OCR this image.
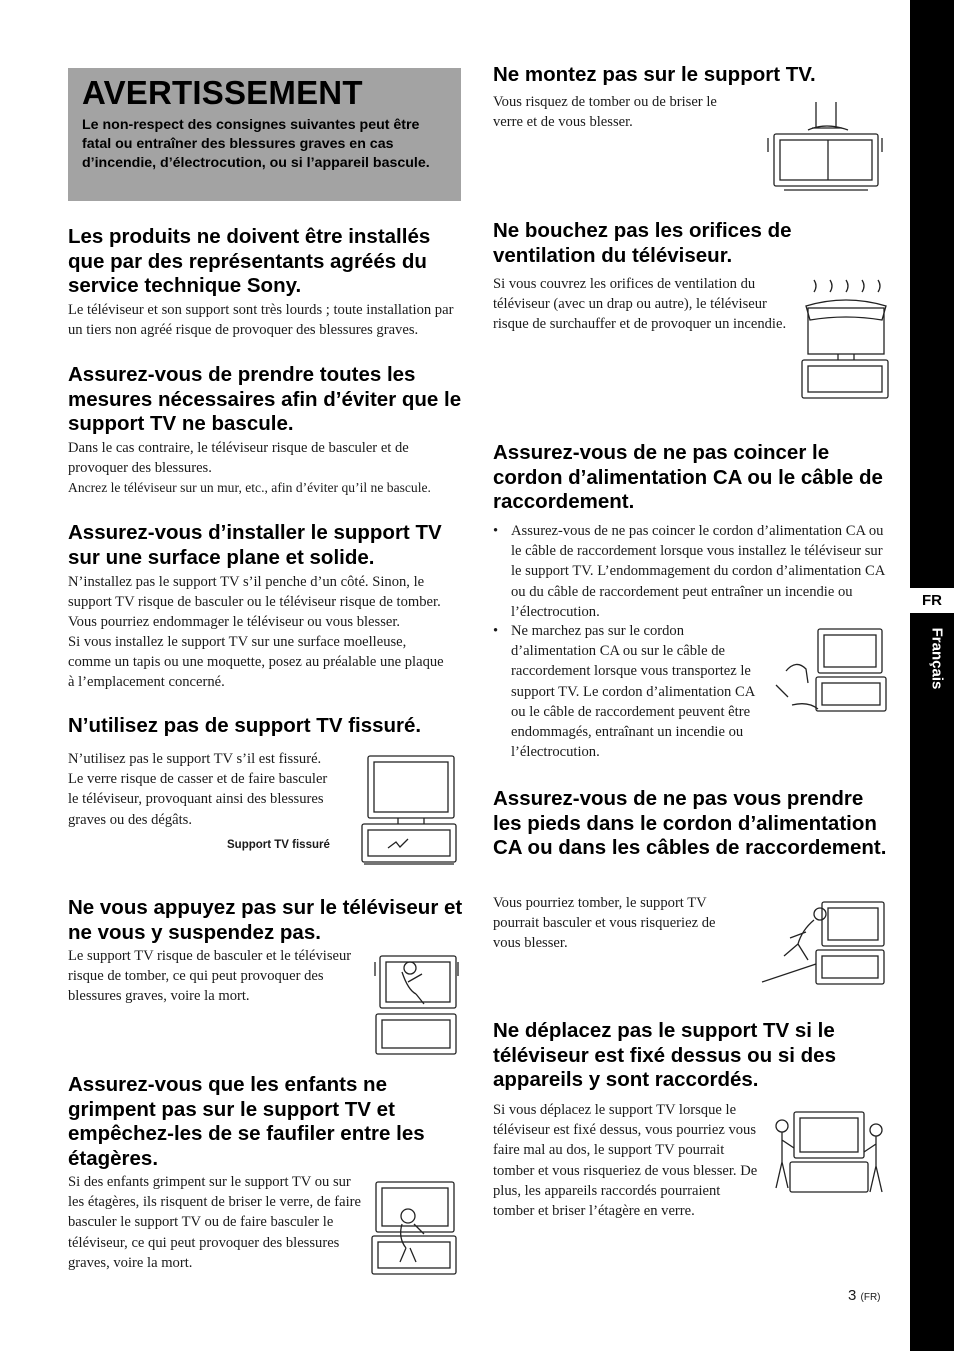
AVERTISSEMENT
Le non-respect des consignes suivantes peut être fatal ou entraîner des blessures graves en cas d’incendie, d’électrocution, ou si l’appareil bascule.
Les produits ne doivent être installés que par des représentants agréés du service technique Sony.
Le téléviseur et son support sont très lourds ; toute installation par un tiers non agréé risque de provoquer des blessures graves.
Assurez-vous de prendre toutes les mesures nécessaires afin d’éviter que le support TV ne bascule.
Dans le cas contraire, le téléviseur risque de basculer et de provoquer des blessures.
Ancrez le téléviseur sur un mur, etc., afin d’éviter qu’il ne bascule.
Assurez-vous d’installer le support TV sur une surface plane et solide.
N’installez pas le support TV s’il penche d’un côté. Sinon, le support TV risque de basculer ou le téléviseur risque de tomber. Vous pourriez endommager le téléviseur ou vous blesser.
Si vous installez le support TV sur une surface moelleuse, comme un tapis ou une moquette, posez au préalable une plaque à l’emplacement concerné.
N’utilisez pas de support TV fissuré.
N’utilisez pas le support TV s’il est fissuré. Le verre risque de casser et de faire basculer le téléviseur, provoquant ainsi des blessures graves ou des dégâts.
Support TV fissuré
Ne vous appuyez pas sur le téléviseur et ne vous y suspendez pas.
Le support TV risque de basculer et le téléviseur risque de tomber, ce qui peut provoquer des blessures graves, voire la mort.
Assurez-vous que les enfants ne grimpent pas sur le support TV et empêchez-les de se faufiler entre les étagères.
Si des enfants grimpent sur le support TV ou sur les étagères, ils risquent de briser le verre, de faire basculer le support TV ou de faire basculer le téléviseur, ce qui peut provoquer des blessures graves, voire la mort.
Ne montez pas sur le support TV.
Vous risquez de tomber ou de briser le verre et de vous blesser.
Ne bouchez pas les orifices de ventilation du téléviseur.
Si vous couvrez les orifices de ventilation du téléviseur (avec un drap ou autre), le téléviseur risque de surchauffer et de provoquer un incendie.
Assurez-vous de ne pas coincer le cordon d’alimentation CA ou le câble de raccordement.
• Assurez-vous de ne pas coincer le cordon d’alimentation CA ou le câble de raccordement lorsque vous installez le téléviseur sur le support TV. L’endommagement du cordon d’alimentation CA ou du câble de raccordement peut entraîner un incendie ou l’électrocution.
• Ne marchez pas sur le cordon d’alimentation CA ou sur le câble de raccordement lorsque vous transportez le support TV. Le cordon d’alimentation CA ou le câble de raccordement peuvent être endommagés, entraînant un incendie ou l’électrocution.
Assurez-vous de ne pas vous prendre les pieds dans le cordon d’alimentation CA ou dans les câbles de raccordement.
Vous pourriez tomber, le support TV pourrait basculer et vous risqueriez de vous blesser.
Ne déplacez pas le support TV si le téléviseur est fixé dessus ou si des appareils y sont raccordés.
Si vous déplacez le support TV lorsque le téléviseur est fixé dessus, vous pourriez vous faire mal au dos, le support TV pourrait tomber et vous risqueriez de vous blesser. De plus, les appareils raccordés pourraient tomber et briser l’étagère en verre.
FR
Français
3 (FR)
